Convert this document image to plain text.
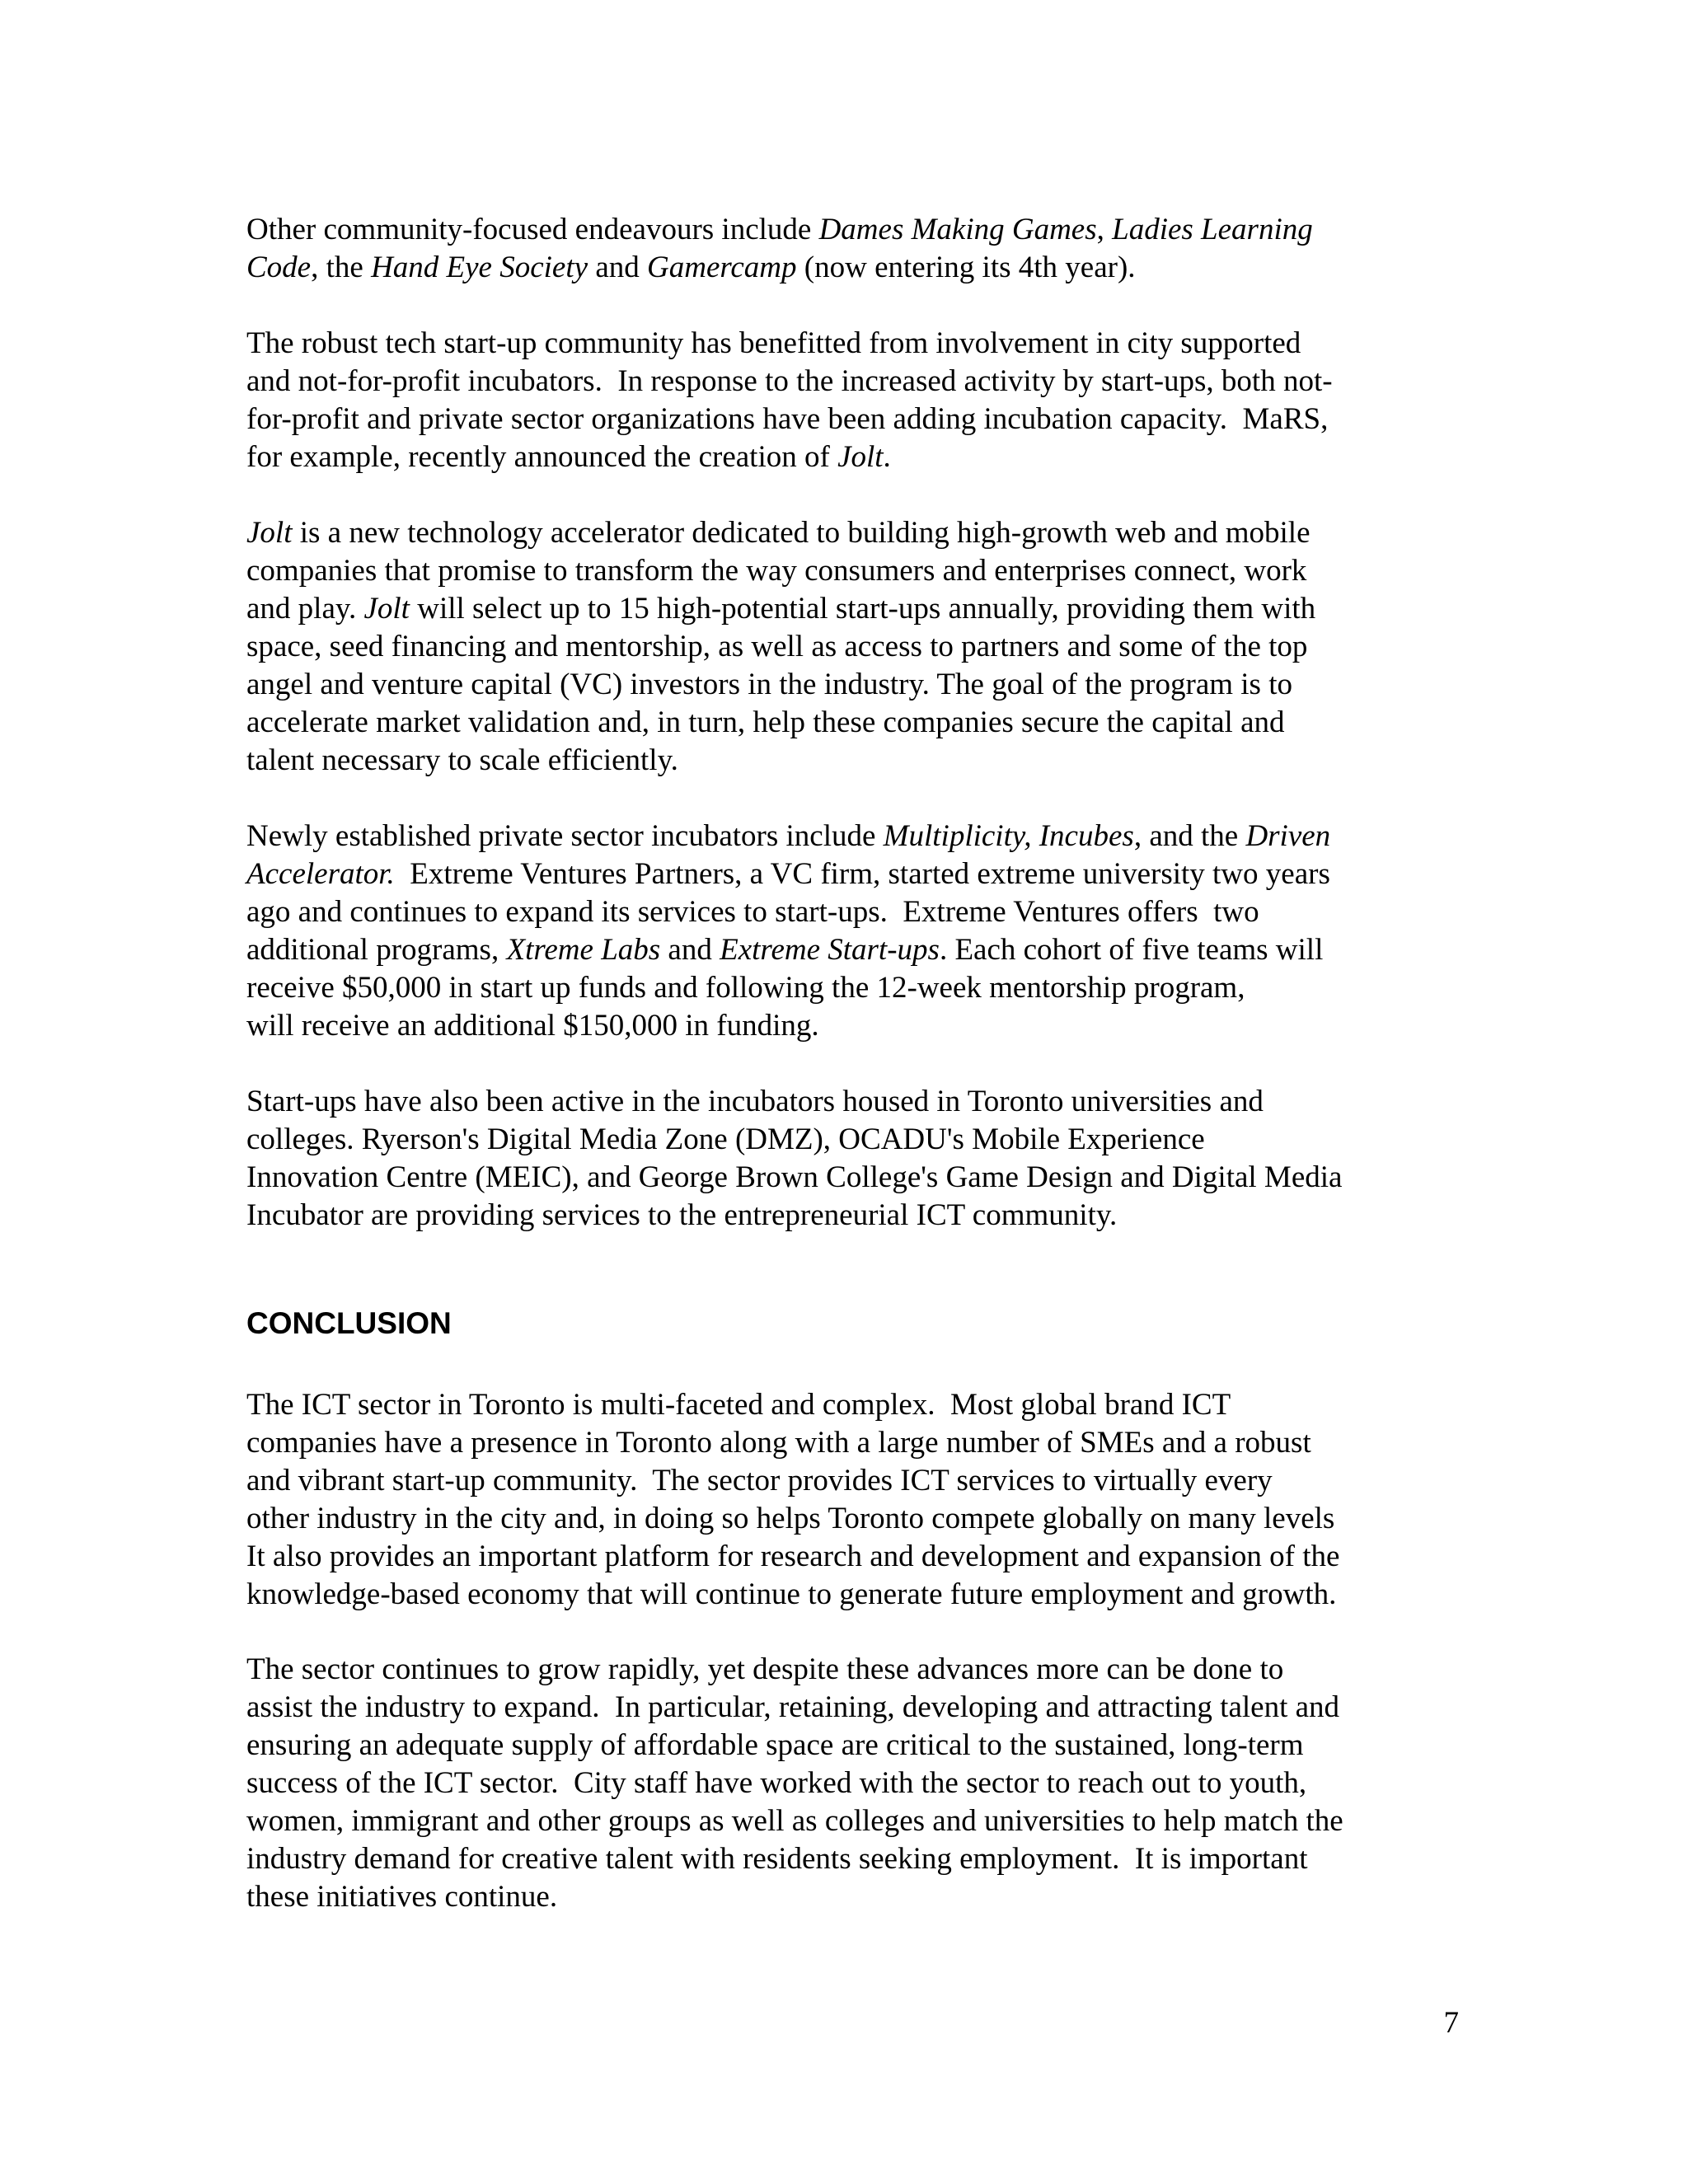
Other community-focused endeavours include Dames Making Games, Ladies Learning
Code, the Hand Eye Society and Gamercamp (now entering its 4th year).

The robust tech start-up community has benefitted from involvement in city supported
and not-for-profit incubators.  In response to the increased activity by start-ups, both not-
for-profit and private sector organizations have been adding incubation capacity.  MaRS,
for example, recently announced the creation of Jolt.

Jolt is a new technology accelerator dedicated to building high-growth web and mobile
companies that promise to transform the way consumers and enterprises connect, work
and play. Jolt will select up to 15 high-potential start-ups annually, providing them with
space, seed financing and mentorship, as well as access to partners and some of the top
angel and venture capital (VC) investors in the industry. The goal of the program is to
accelerate market validation and, in turn, help these companies secure the capital and
talent necessary to scale efficiently.

Newly established private sector incubators include Multiplicity, Incubes, and the Driven
Accelerator.  Extreme Ventures Partners, a VC firm, started extreme university two years
ago and continues to expand its services to start-ups.  Extreme Ventures offers  two
additional programs, Xtreme Labs and Extreme Start-ups. Each cohort of five teams will
receive $50,000 in start up funds and following the 12-week mentorship program,
will receive an additional $150,000 in funding.

Start-ups have also been active in the incubators housed in Toronto universities and
colleges. Ryerson's Digital Media Zone (DMZ), OCADU's Mobile Experience
Innovation Centre (MEIC), and George Brown College's Game Design and Digital Media
Incubator are providing services to the entrepreneurial ICT community.

CONCLUSION

The ICT sector in Toronto is multi-faceted and complex.  Most global brand ICT
companies have a presence in Toronto along with a large number of SMEs and a robust
and vibrant start-up community.  The sector provides ICT services to virtually every
other industry in the city and, in doing so helps Toronto compete globally on many levels
It also provides an important platform for research and development and expansion of the
knowledge-based economy that will continue to generate future employment and growth.

The sector continues to grow rapidly, yet despite these advances more can be done to
assist the industry to expand.  In particular, retaining, developing and attracting talent and
ensuring an adequate supply of affordable space are critical to the sustained, long-term
success of the ICT sector.  City staff have worked with the sector to reach out to youth,
women, immigrant and other groups as well as colleges and universities to help match the
industry demand for creative talent with residents seeking employment.  It is important
these initiatives continue.

7
